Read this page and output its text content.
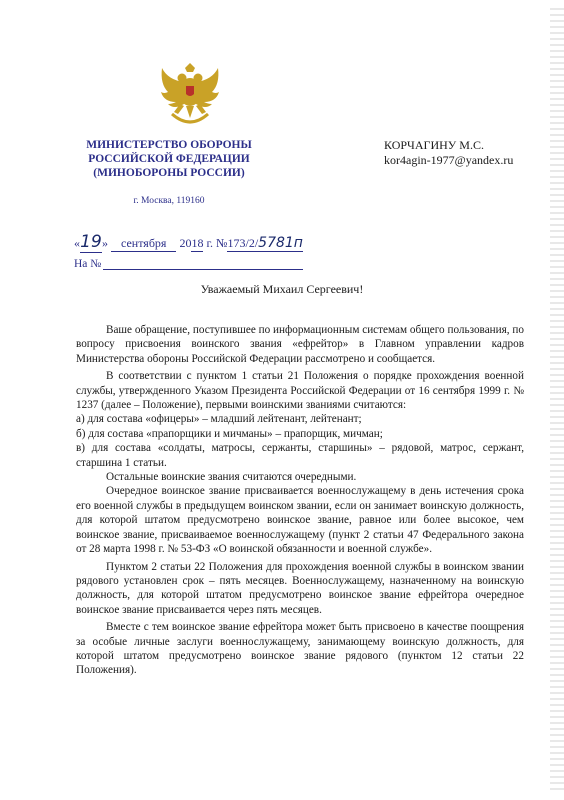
МИНИСТЕРСТВО ОБОРОНЫ
РОССИЙСКОЙ ФЕДЕРАЦИИ
(МИНОБОРОНЫ РОССИИ)
г. Москва, 119160
КОРЧАГИНУ М.С.
kor4agin-1977@yandex.ru
«19» сентября 2018 г. №173/2/5781п
На №
Уважаемый Михаил Сергеевич!

Ваше обращение, поступившее по информационным системам общего пользования, по вопросу присвоения воинского звания «ефрейтор» в Главном управлении кадров Министерства обороны Российской Федерации рассмотрено и сообщается.

В соответствии с пунктом 1 статьи 21 Положения о порядке прохождения военной службы, утвержденного Указом Президента Российской Федерации от 16 сентября 1999 г. № 1237 (далее – Положение), первыми воинскими званиями считаются:

а) для состава «офицеры» – младший лейтенант, лейтенант;

б) для состава «прапорщики и мичманы» – прапорщик, мичман;

в) для состава «солдаты, матросы, сержанты, старшины» – рядовой, матрос, сержант, старшина 1 статьи.

Остальные воинские звания считаются очередными.

Очередное воинское звание присваивается военнослужащему в день истечения срока его военной службы в предыдущем воинском звании, если он занимает воинскую должность, для которой штатом предусмотрено воинское звание, равное или более высокое, чем воинское звание, присваиваемое военнослужащему (пункт 2 статьи 47 Федерального закона от 28 марта 1998 г. № 53-ФЗ «О воинской обязанности и военной службе».

Пунктом 2 статьи 22 Положения для прохождения военной службы в воинском звании рядового установлен срок – пять месяцев. Военнослужащему, назначенному на воинскую должность, для которой штатом предусмотрено воинское звание ефрейтора очередное воинское звание присваивается через пять месяцев.

Вместе с тем воинское звание ефрейтора может быть присвоено в качестве поощрения за особые личные заслуги военнослужащему, занимающему воинскую должность, для которой штатом предусмотрено воинское звание рядового (пунктом 12 статьи 22 Положения).
